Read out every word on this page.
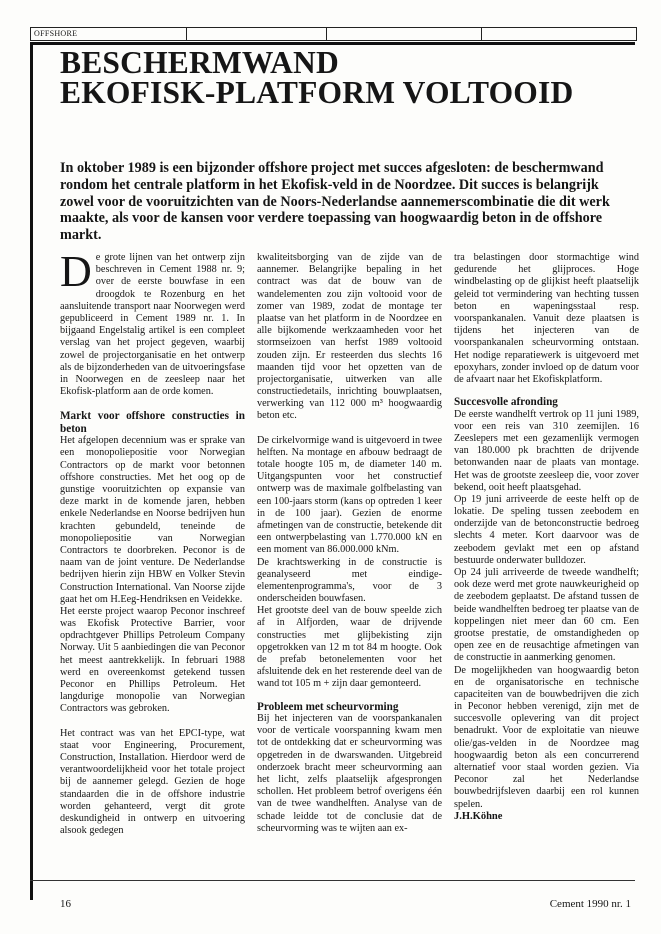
OFFSHORE
BESCHERMWAND
EKOFISK-PLATFORM VOLTOOID

In oktober 1989 is een bijzonder offshore project met succes afgesloten: de beschermwand rondom het centrale platform in het Ekofisk-veld in de Noordzee. Dit succes is belangrijk zowel voor de vooruitzichten van de Noors-Nederlandse aannemerscombinatie die dit werk maakte, als voor de kansen voor verdere toepassing van hoogwaardig beton in de offshore markt.

De grote lijnen van het ontwerp zijn beschreven in Cement 1988 nr. 9; over de eerste bouwfase in een droogdok te Rozenburg en het aansluitende transport naar Noorwegen werd gepubliceerd in Cement 1989 nr. 1. In bijgaand Engelstalig artikel is een compleet verslag van het project gegeven, waarbij zowel de projectorganisatie en het ontwerp als de bijzonderheden van de uitvoeringsfase in Noorwegen en de zeesleep naar het Ekofisk-platform aan de orde komen.

Markt voor offshore constructies in beton

Het afgelopen decennium was er sprake van een monopoliepositie voor Norwegian Contractors op de markt voor betonnen offshore constructies. Met het oog op de gunstige vooruitzichten op expansie van deze markt in de komende jaren, hebben enkele Nederlandse en Noorse bedrijven hun krachten gebundeld, teneinde de monopoliepositie van Norwegian Contractors te doorbreken. Peconor is de naam van de joint venture. De Nederlandse bedrijven hierin zijn HBW en Volker Stevin Construction International. Van Noorse zijde gaat het om H.Eeg-Hendriksen en Veidekke.

Het eerste project waarop Peconor inschreef was Ekofisk Protective Barrier, voor opdrachtgever Phillips Petroleum Company Norway. Uit 5 aanbiedingen die van Peconor het meest aantrekkelijk. In februari 1988 werd en overeenkomst getekend tussen Peconor en Phillips Petroleum. Het langdurige monopolie van Norwegian Contractors was gebroken.

Het contract was van het EPCI-type, wat staat voor Engineering, Procurement, Construction, Installation. Hierdoor werd de verantwoordelijkheid voor het totale project bij de aannemer gelegd. Gezien de hoge standaarden die in de offshore industrie worden gehanteerd, vergt dit grote deskundigheid in ontwerp en uitvoering alsook gedegen

kwaliteitsborging van de zijde van de aannemer. Belangrijke bepaling in het contract was dat de bouw van de wandelementen zou zijn voltooid voor de zomer van 1989, zodat de montage ter plaatse van het platform in de Noordzee en alle bijkomende werkzaamheden voor het stormseizoen van herfst 1989 voltooid zouden zijn. Er resteerden dus slechts 16 maanden tijd voor het opzetten van de projectorganisatie, uitwerken van alle constructiedetails, inrichting bouwplaatsen, verwerking van 112 000 m³ hoogwaardig beton etc.

De cirkelvormige wand is uitgevoerd in twee helften. Na montage en afbouw bedraagt de totale hoogte 105 m, de diameter 140 m. Uitgangspunten voor het constructief ontwerp was de maximale golfbelasting van een 100-jaars storm (kans op optreden 1 keer in de 100 jaar). Gezien de enorme afmetingen van de constructie, betekende dit een ontwerpbelasting van 1.770.000 kN en een moment van 86.000.000 kNm.

De krachtswerking in de constructie is geanalyseerd met eindige-elementenprogramma's, voor de 3 onderscheiden bouwfasen.

Het grootste deel van de bouw speelde zich af in Alfjorden, waar de drijvende constructies met glijbekisting zijn opgetrokken van 12 m tot 84 m hoogte. Ook de prefab betonelementen voor het afsluitende dek en het resterende deel van de wand tot 105 m + zijn daar gemonteerd.

Probleem met scheurvorming

Bij het injecteren van de voorspankanalen voor de verticale voorspanning kwam men tot de ontdekking dat er scheurvorming was opgetreden in de dwarswanden. Uitgebreid onderzoek bracht meer scheurvorming aan het licht, zelfs plaatselijk afgesprongen schollen. Het probleem betrof overigens één van de twee wandhelften. Analyse van de schade leidde tot de conclusie dat de scheurvorming was te wijten aan ex-

tra belastingen door stormachtige wind gedurende het glijproces. Hoge windbelasting op de glijkist heeft plaatselijk geleid tot vermindering van hechting tussen beton en wapeningsstaal resp. voorspankanalen. Vanuit deze plaatsen is tijdens het injecteren van de voorspankanalen scheurvorming ontstaan. Het nodige reparatiewerk is uitgevoerd met epoxyhars, zonder invloed op de datum voor de afvaart naar het Ekofiskplatform.

Succesvolle afronding

De eerste wandhelft vertrok op 11 juni 1989, voor een reis van 310 zeemijlen. 16 Zeeslepers met een gezamenlijk vermogen van 180.000 pk brachtten de drijvende betonwanden naar de plaats van montage. Het was de grootste zeesleep die, voor zover bekend, ooit heeft plaatsgehad.

Op 19 juni arriveerde de eeste helft op de lokatie. De speling tussen zeebodem en onderzijde van de betonconstructie bedroeg slechts 4 meter. Kort daarvoor was de zeebodem gevlakt met een op afstand bestuurde onderwater bulldozer.

Op 24 juli arriveerde de tweede wandhelft; ook deze werd met grote nauwkeurigheid op de zeebodem geplaatst. De afstand tussen de beide wandhelften bedroeg ter plaatse van de koppelingen niet meer dan 60 cm. Een grootse prestatie, de omstandigheden op open zee en de reusachtige afmetingen van de constructie in aanmerking genomen.

De mogelijkheden van hoogwaardig beton en de organisatorische en technische capaciteiten van de bouwbedrijven die zich in Peconor hebben verenigd, zijn met de succesvolle oplevering van dit project benadrukt. Voor de exploitatie van nieuwe olie/gas-velden in de Noordzee mag hoogwaardig beton als een concurrerend alternatief voor staal worden gezien. Via Peconor zal het Nederlandse bouwbedrijfsleven daarbij een rol kunnen spelen.

J.H.Köhne

16	Cement 1990 nr. 1
